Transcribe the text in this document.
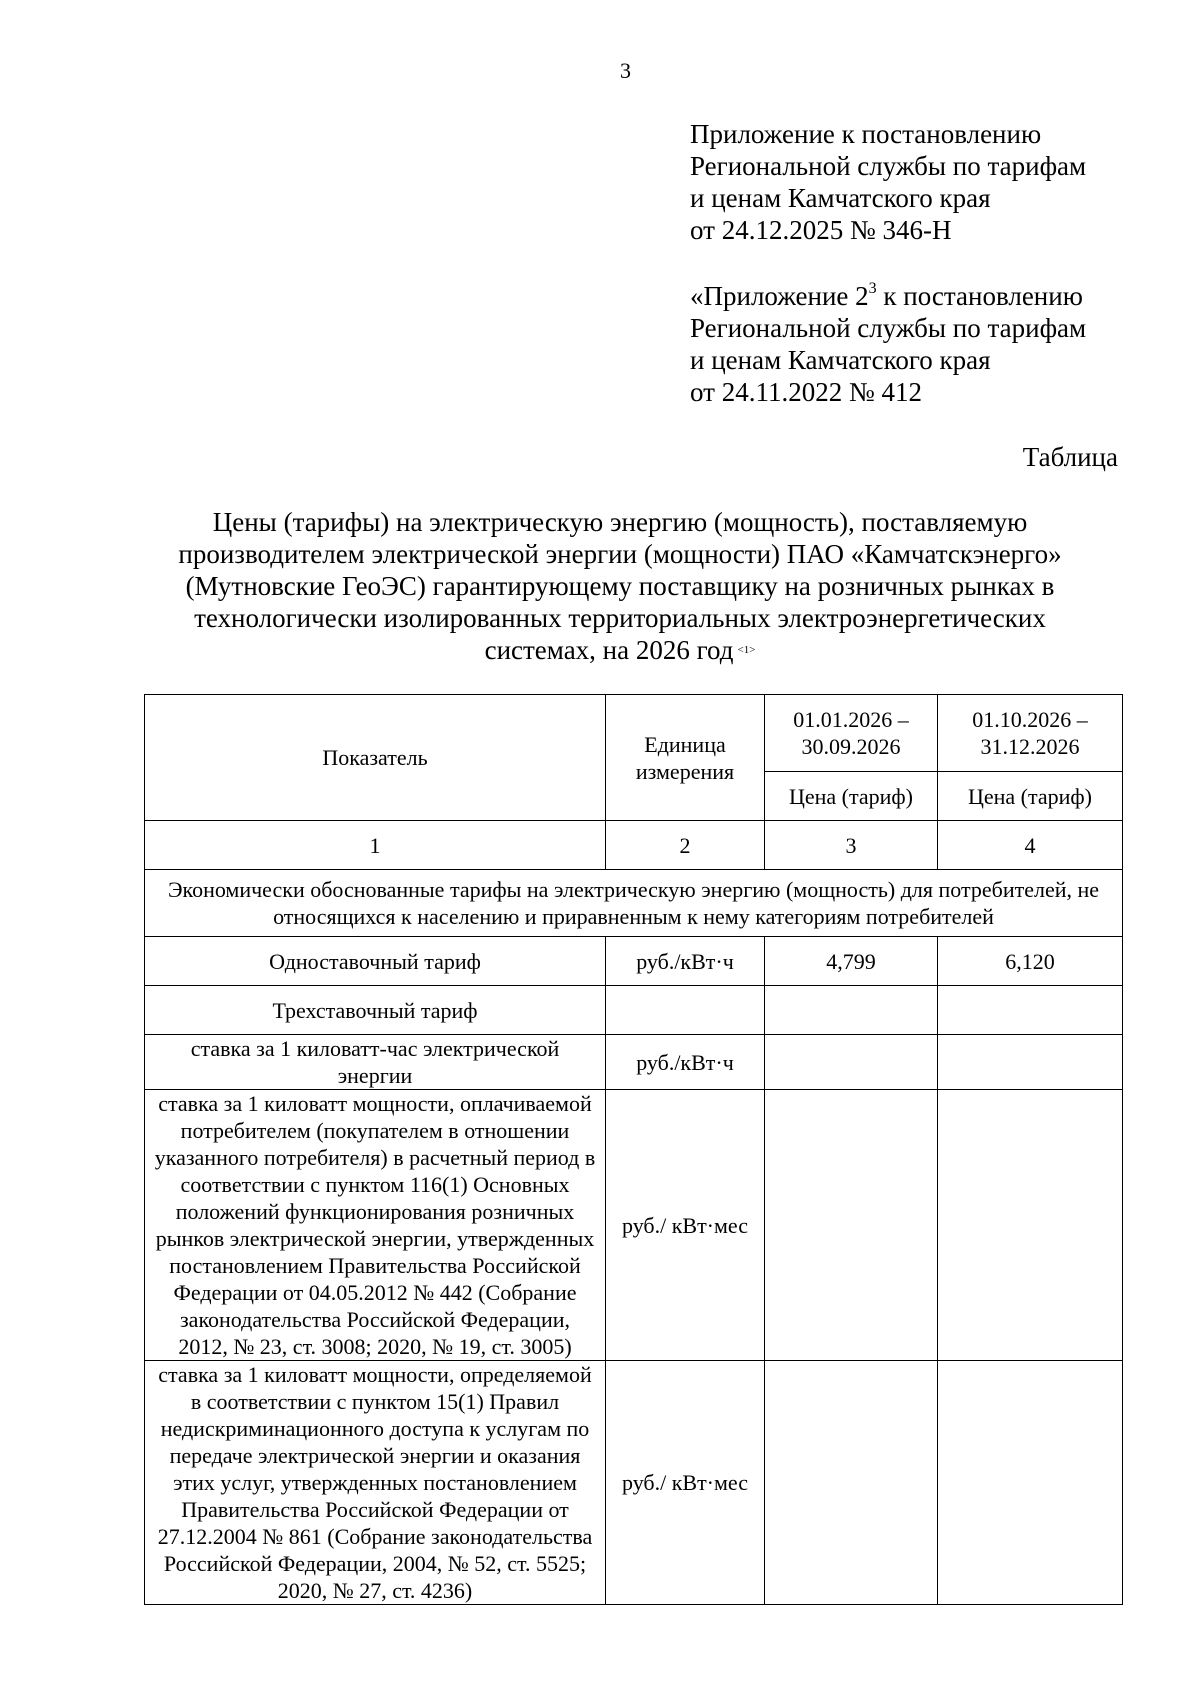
3
Приложение к постановлению
Региональной службы по тарифам
и ценам Камчатского края
от 24.12.2025 № 346-Н
«Приложение $2^3$ к постановлению
Региональной службы по тарифам
и ценам Камчатского края
от 24.11.2022 № 412
Таблица
Цены (тарифы) на электрическую энергию (мощность), поставляемую
производителем электрической энергии (мощности) ПАО «Камчатскэнерго»
(Мутновские ГеоЭС) гарантирующему поставщику на розничных рынках в
технологически изолированных территориальных электроэнергетических
системах, на 2026 год $^{<1>}$
Показатель	Единица измерения	01.01.2026 – 30.09.2026	01.10.2026 – 31.12.2026
		Цена (тариф)	Цена (тариф)
1	2	3	4
Экономически обоснованные тарифы на электрическую энергию (мощность) для потребителей, не относящихся к населению и приравненным к нему категориям потребителей			
Одноставочный тариф	руб./кВт·ч	4,799	6,120
Трехставочный тариф			
ставка за 1 киловатт-час электрической энергии	руб./кВт·ч		
ставка за 1 киловатт мощности, оплачиваемой потребителем (покупателем в отношении указанного потребителя) в расчетный период в соответствии с пунктом 116(1) Основных положений функционирования розничных рынков электрической энергии, утвержденных постановлением Правительства Российской Федерации от 04.05.2012 № 442 (Собрание законодательства Российской Федерации, 2012, № 23, ст. 3008; 2020, № 19, ст. 3005)	руб./ кВт·мес		
ставка за 1 киловатт мощности, определяемой в соответствии с пунктом 15(1) Правил недискриминационного доступа к услугам по передаче электрической энергии и оказания этих услуг, утвержденных постановлением Правительства Российской Федерации от 27.12.2004 № 861 (Собрание законодательства Российской Федерации, 2004, № 52, ст. 5525; 2020, № 27, ст. 4236)	руб./ кВт·мес		
